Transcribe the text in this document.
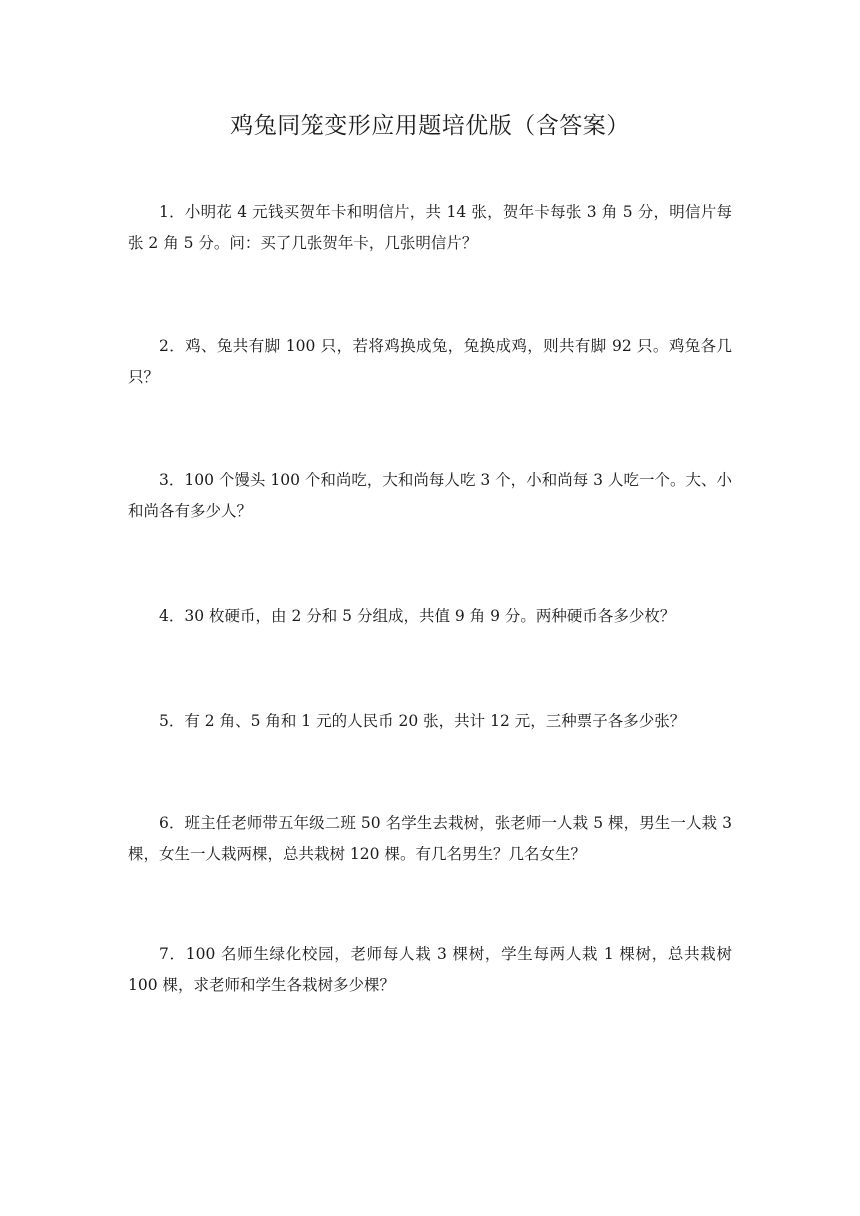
鸡兔同笼变形应用题培优版（含答案）

1．小明花 4 元钱买贺年卡和明信片，共 14 张，贺年卡每张 3 角 5 分，明信片每张 2 角 5 分。问：买了几张贺年卡，几张明信片？

2．鸡、兔共有脚 100 只，若将鸡换成兔，兔换成鸡，则共有脚 92 只。鸡兔各几只？

3．100 个馒头 100 个和尚吃，大和尚每人吃 3 个，小和尚每 3 人吃一个。大、小和尚各有多少人？

4．30 枚硬币，由 2 分和 5 分组成，共值 9 角 9 分。两种硬币各多少枚？

5．有 2 角、5 角和 1 元的人民币 20 张，共计 12 元，三种票子各多少张？

6．班主任老师带五年级二班 50 名学生去栽树，张老师一人栽 5 棵，男生一人栽 3 棵，女生一人栽两棵，总共栽树 120 棵。有几名男生？几名女生？

7．100 名师生绿化校园，老师每人栽 3 棵树，学生每两人栽 1 棵树，总共栽树 100 棵，求老师和学生各栽树多少棵？
